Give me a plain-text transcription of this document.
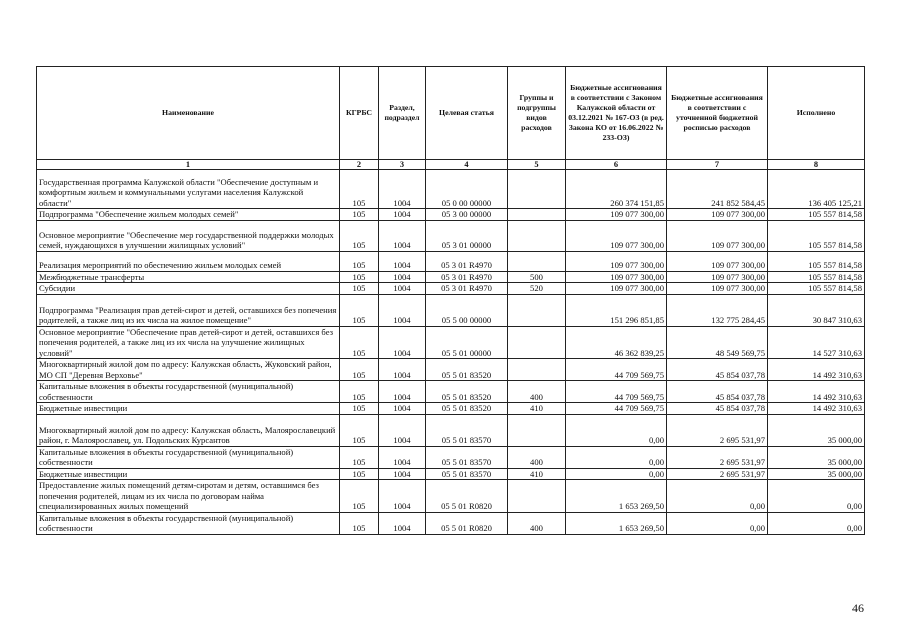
Наименование	КГРБС	Раздел, подраздел	Целевая статья	Группы и подгруппы видов расходов	Бюджетные ассигнования в соответствии с Законом Калужской области от 03.12.2021 № 167-ОЗ (в ред. Закона КО от 16.06.2022 № 233-ОЗ)	Бюджетные ассигнования в соответствии с уточненной бюджетной росписью расходов	Исполнено
1	2	3	4	5	6	7	8
Государственная программа Калужской области "Обеспечение доступным и комфортным жильем и коммунальными услугами населения Калужской области"	105	1004	05 0 00 00000		260 374 151,85	241 852 584,45	136 405 125,21
Подпрограмма "Обеспечение жильем молодых семей"	105	1004	05 3 00 00000		109 077 300,00	109 077 300,00	105 557 814,58
Основное мероприятие "Обеспечение мер государственной поддержки молодых семей, нуждающихся в улучшении жилищных условий"	105	1004	05 3 01 00000		109 077 300,00	109 077 300,00	105 557 814,58
Реализация мероприятий по обеспечению жильем молодых семей	105	1004	05 3 01 R4970		109 077 300,00	109 077 300,00	105 557 814,58
Межбюджетные трансферты	105	1004	05 3 01 R4970	500	109 077 300,00	109 077 300,00	105 557 814,58
Субсидии	105	1004	05 3 01 R4970	520	109 077 300,00	109 077 300,00	105 557 814,58
Подпрограмма "Реализация прав детей-сирот и детей, оставшихся без попечения родителей, а также лиц из их числа на жилое помещение"	105	1004	05 5 00 00000		151 296 851,85	132 775 284,45	30 847 310,63
Основное мероприятие "Обеспечение прав детей-сирот и детей, оставшихся без попечения родителей, а также лиц из их числа на улучшение жилищных условий"	105	1004	05 5 01 00000		46 362 839,25	48 549 569,75	14 527 310,63
Многоквартирный жилой дом по адресу: Калужская область, Жуковский район, МО СП "Деревня Верховье"	105	1004	05 5 01 83520		44 709 569,75	45 854 037,78	14 492 310,63
Капитальные вложения в объекты государственной (муниципальной) собственности	105	1004	05 5 01 83520	400	44 709 569,75	45 854 037,78	14 492 310,63
Бюджетные инвестиции	105	1004	05 5 01 83520	410	44 709 569,75	45 854 037,78	14 492 310,63
Многоквартирный жилой дом по адресу: Калужская область, Малоярославецкий район, г. Малоярославец, ул. Подольских Курсантов	105	1004	05 5 01 83570		0,00	2 695 531,97	35 000,00
Капитальные вложения в объекты государственной (муниципальной) собственности	105	1004	05 5 01 83570	400	0,00	2 695 531,97	35 000,00
Бюджетные инвестиции	105	1004	05 5 01 83570	410	0,00	2 695 531,97	35 000,00
Предоставление жилых помещений детям-сиротам и детям, оставшимся без попечения родителей, лицам из их числа по договорам найма специализированных жилых помещений	105	1004	05 5 01 R0820		1 653 269,50	0,00	0,00
Капитальные вложения в объекты государственной (муниципальной) собственности	105	1004	05 5 01 R0820	400	1 653 269,50	0,00	0,00
46
